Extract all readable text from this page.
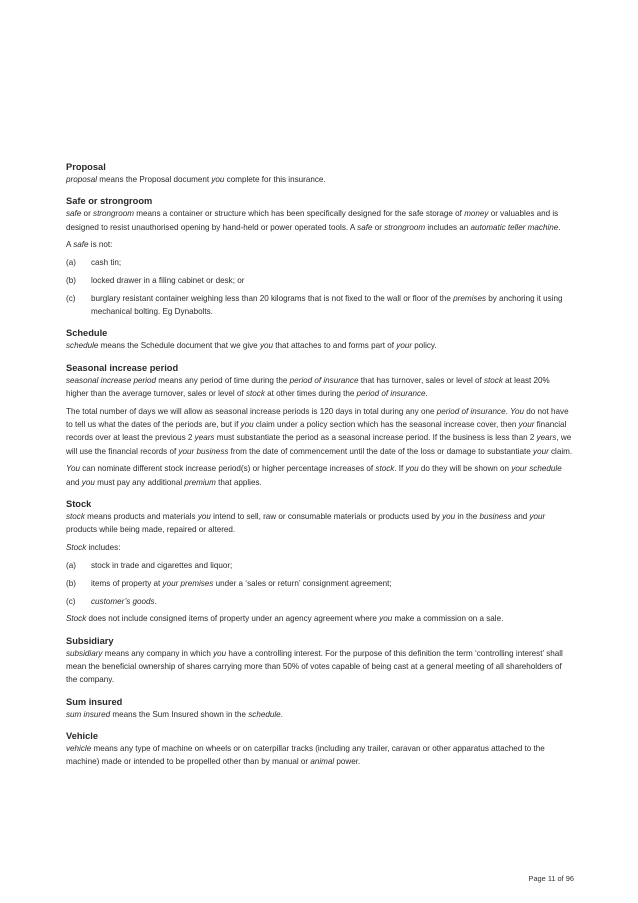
Proposal

proposal means the Proposal document you complete for this insurance.

Safe or strongroom

safe or strongroom means a container or structure which has been specifically designed for the safe storage of money or valuables and is designed to resist unauthorised opening by hand-held or power operated tools. A safe or strongroom includes an automatic teller machine.

A safe is not:

(a)	cash tin;
(b)	locked drawer in a filing cabinet or desk; or
(c)	burglary resistant container weighing less than 20 kilograms that is not fixed to the wall or floor of the premises by anchoring it using mechanical bolting. Eg Dynabolts.
Schedule

schedule means the Schedule document that we give you that attaches to and forms part of your policy.

Seasonal increase period

seasonal increase period means any period of time during the period of insurance that has turnover, sales or level of stock at least 20% higher than the average turnover, sales or level of stock at other times during the period of insurance.

The total number of days we will allow as seasonal increase periods is 120 days in total during any one period of insurance. You do not have to tell us what the dates of the periods are, but if you claim under a policy section which has the seasonal increase cover, then your financial records over at least the previous 2 years must substantiate the period as a seasonal increase period. If the business is less than 2 years, we will use the financial records of your business from the date of commencement until the date of the loss or damage to substantiate your claim.

You can nominate different stock increase period(s) or higher percentage increases of stock. If you do they will be shown on your schedule and you must pay any additional premium that applies.

Stock

stock means products and materials you intend to sell, raw or consumable materials or products used by you in the business and your products while being made, repaired or altered.

Stock includes:

(a)	stock in trade and cigarettes and liquor;
(b)	items of property at your premises under a ‘sales or return’ consignment agreement;
(c)	customer’s goods.

Stock does not include consigned items of property under an agency agreement where you make a commission on a sale.

Subsidiary

subsidiary means any company in which you have a controlling interest. For the purpose of this definition the term ‘controlling interest’ shall mean the beneficial ownership of shares carrying more than 50% of votes capable of being cast at a general meeting of all shareholders of the company.

Sum insured

sum insured means the Sum Insured shown in the schedule.

Vehicle

vehicle means any type of machine on wheels or on caterpillar tracks (including any trailer, caravan or other apparatus attached to the machine) made or intended to be propelled other than by manual or animal power.

Page 11 of 96
